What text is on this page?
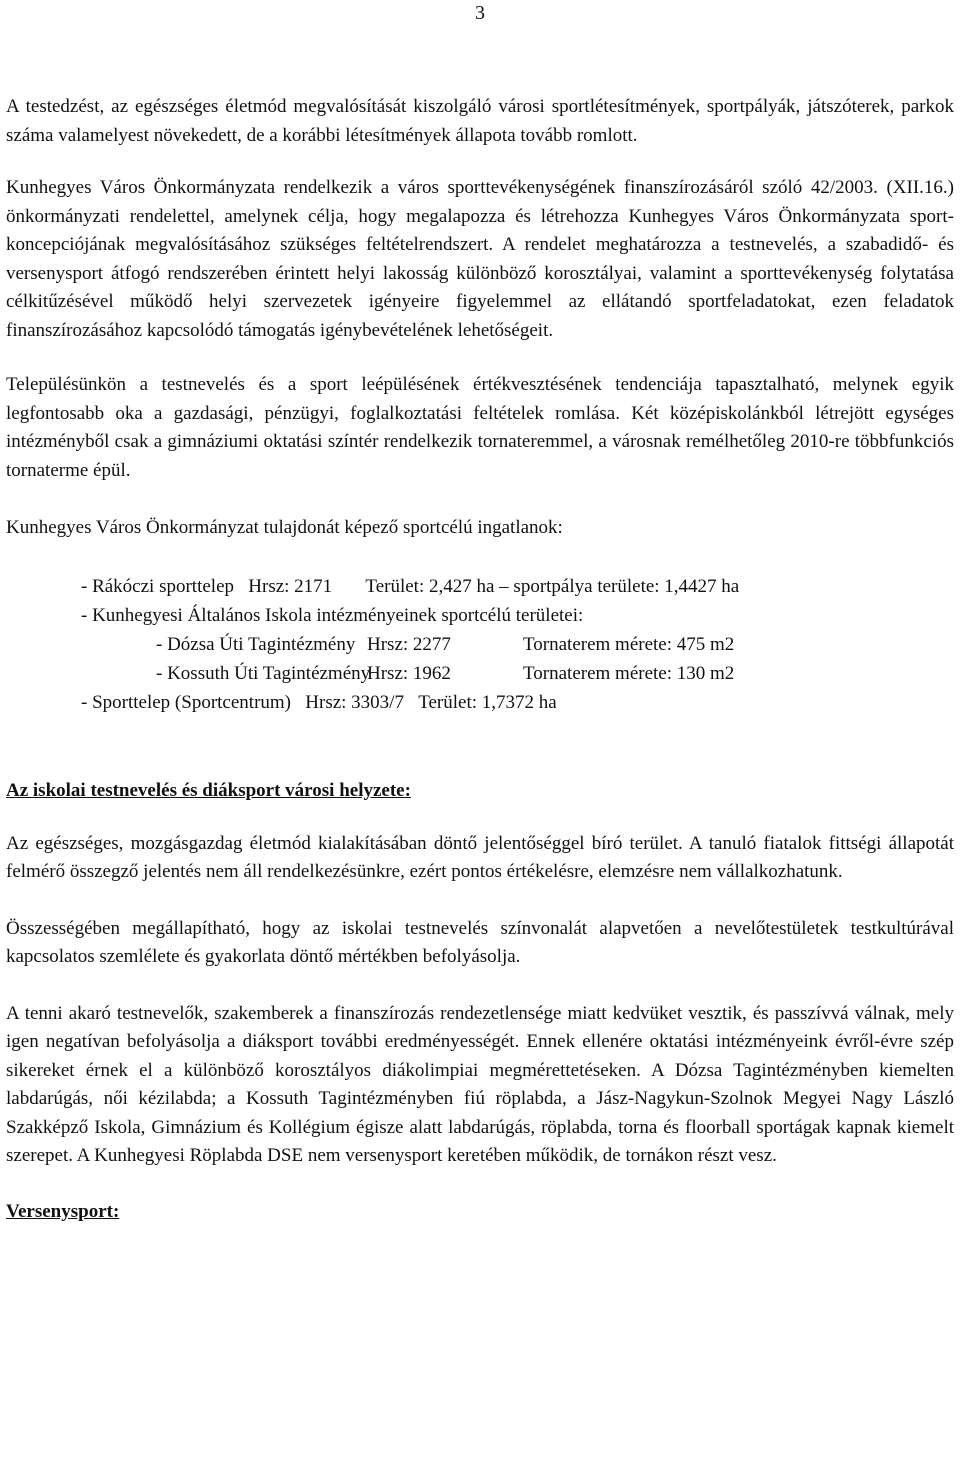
3

A testedzést, az egészséges életmód megvalósítását kiszolgáló városi sportlétesítmények, sportpályák, játszóterek, parkok száma valamelyest növekedett, de a korábbi létesítmények állapota tovább romlott.

Kunhegyes Város Önkormányzata rendelkezik a város sporttevékenységének finanszírozásáról szóló 42/2003. (XII.16.) önkormányzati rendelettel, amelynek célja, hogy megalapozza és létrehozza Kunhegyes Város Önkormányzata sport-koncepciójának megvalósításához szükséges feltételrendszert. A rendelet meghatározza a testnevelés, a szabadidő- és versenysport átfogó rendszerében érintett helyi lakosság különböző korosztályai, valamint a sporttevékenység folytatása célkitűzésével működő helyi szervezetek igényeire figyelemmel az ellátandó sportfeladatokat, ezen feladatok finanszírozásához kapcsolódó támogatás igénybevételének lehetőségeit.

Településünkön a testnevelés és a sport leépülésének értékvesztésének tendenciája tapasztalható, melynek egyik legfontosabb oka a gazdasági, pénzügyi, foglalkoztatási feltételek romlása. Két középiskolánkból létrejött egységes intézményből csak a gimnáziumi oktatási színtér rendelkezik tornateremmel, a városnak remélhetőleg 2010-re többfunkciós tornaterme épül.

Kunhegyes Város Önkormányzat tulajdonát képező sportcélú ingatlanok:

- Rákóczi sporttelep Hrsz: 2171 Terület: 2,427 ha – sportpálya területe: 1,4427 ha
- Kunhegyesi Általános Iskola intézményeinek sportcélú területei:
- Dózsa Úti Tagintézmény Hrsz: 2277	Tornaterem mérete: 475 m2
- Kossuth Úti TagintézményHrsz: 1962	Tornaterem mérete: 130 m2
- Sporttelep (Sportcentrum) Hrsz: 3303/7 Terület: 1,7372 ha

Az iskolai testnevelés és diáksport városi helyzete:

Az egészséges, mozgásgazdag életmód kialakításában döntő jelentőséggel bíró terület. A tanuló fiatalok fittségi állapotát felmérő összegző jelentés nem áll rendelkezésünkre, ezért pontos értékelésre, elemzésre nem vállalkozhatunk.

Összességében megállapítható, hogy az iskolai testnevelés színvonalát alapvetően a nevelőtestületek testkultúrával kapcsolatos szemlélete és gyakorlata döntő mértékben befolyásolja.

A tenni akaró testnevelők, szakemberek a finanszírozás rendezetlensége miatt kedvüket vesztik, és passzívvá válnak, mely igen negatívan befolyásolja a diáksport további eredményességét. Ennek ellenére oktatási intézményeink évről-évre szép sikereket érnek el a különböző korosztályos diákolimpiai megmérettetéseken. A Dózsa Tagintézményben kiemelten labdarúgás, női kézilabda; a Kossuth Tagintézményben fiú röplabda, a Jász-Nagykun-Szolnok Megyei Nagy László Szakképző Iskola, Gimnázium és Kollégium égisze alatt labdarúgás, röplabda, torna és floorball sportágak kapnak kiemelt szerepet. A Kunhegyesi Röplabda DSE nem versenysport keretében működik, de tornákon részt vesz.

Versenysport:
